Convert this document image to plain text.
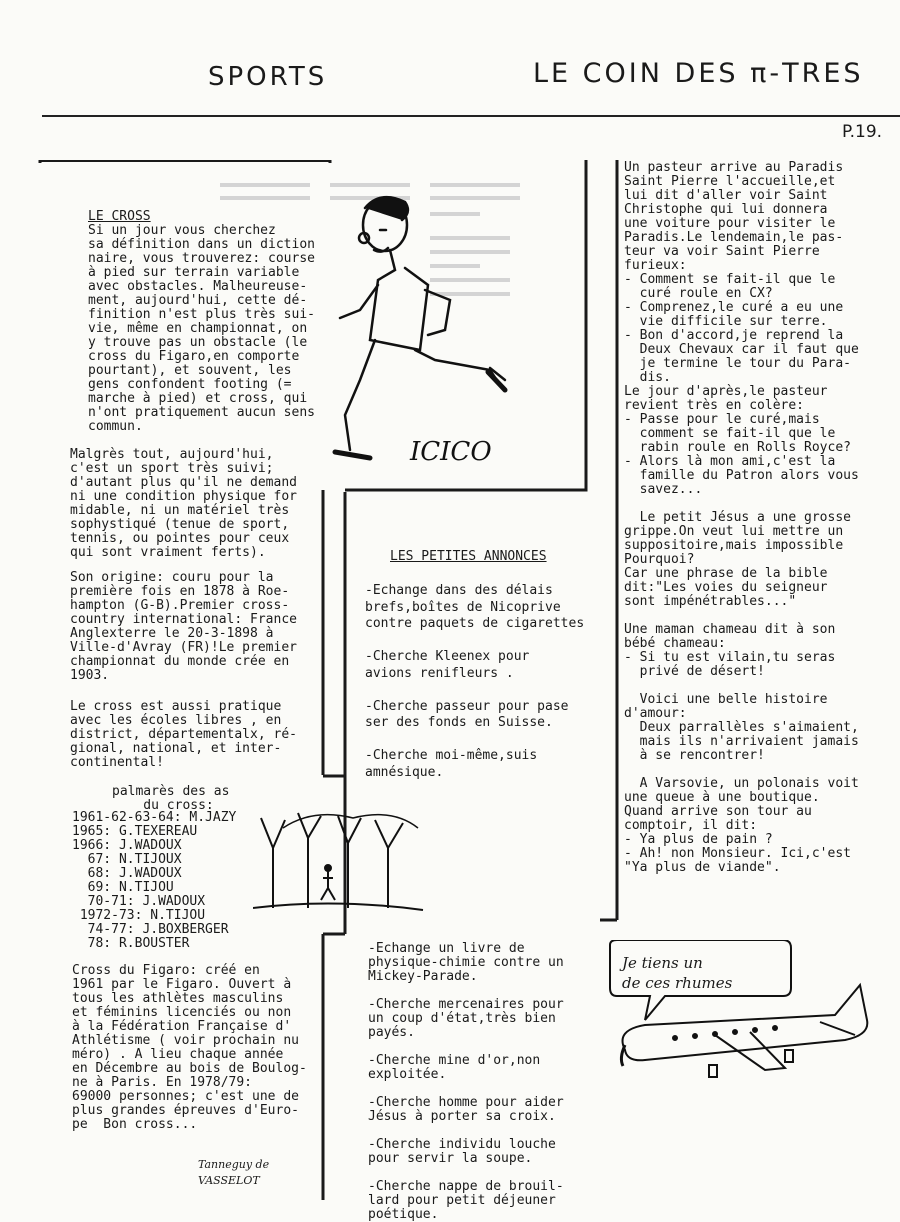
SPORTS	LE COIN DES π-TRES
P.19.
LE CROSS
Si un jour vous cherchez
sa définition dans un diction
naire, vous trouverez: course
à pied sur terrain variable
avec obstacles. Malheureuse-
ment, aujourd'hui, cette dé-
finition n'est plus très sui-
vie, même en championnat, on
y trouve pas un obstacle (le
cross du Figaro,en comporte
pourtant), et souvent, les
gens confondent footing (=
marche à pied) et cross, qui
n'ont pratiquement aucun sens
commun.
Malgrès tout, aujourd'hui,
c'est un sport très suivi;
d'autant plus qu'il ne demand
ni une condition physique for
midable, ni un matériel très
sophystiqué (tenue de sport,
tennis, ou pointes pour ceux
qui sont vraiment ferts).
Son origine: couru pour la
première fois en 1878 à Roe-
hampton (G-B).Premier cross-
country international: France
Anglexterre le 20-3-1898 à
Ville-d'Avray (FR)!Le premier
championnat du monde crée en
1903.
Le cross est aussi pratique
avec les écoles libres , en
district, départementalx, ré-
gional, national, et inter-
continental!
palmarès des as
du cross:
1961-62-63-64: M.JAZY
1965: G.TEXEREAU
1966: J.WADOUX
67: N.TIJOUX
68: J.WADOUX
69: N.TIJOU
70-71: J.WADOUX
1972-73: N.TIJOU
74-77: J.BOXBERGER
78: R.BOUSTER
Cross du Figaro: créé en
1961 par le Figaro. Ouvert à
tous les athlètes masculins
et féminins licenciés ou non
à la Fédération Française d'
Athlétisme ( voir prochain nu
méro) . A lieu chaque année
en Décembre au bois de Boulog-
ne à Paris. En 1978/79:
69000 personnes; c'est une de
plus grandes épreuves d'Euro-
pe  Bon cross...
Tanneguy de
VASSELOT
ICICO
LES PETITES ANNONCES
-Echange dans des délais
brefs,boîtes de Nicoprive
contre paquets de cigarettes

-Cherche Kleenex pour
avions renifleurs .

-Cherche passeur pour pase
ser des fonds en Suisse.

-Cherche moi-même,suis
amnésique.
-Echange un livre de
physique-chimie contre un
Mickey-Parade.

-Cherche mercenaires pour
un coup d'état,très bien
payés.

-Cherche mine d'or,non
exploitée.

-Cherche homme pour aider
Jésus à porter sa croix.

-Cherche individu louche
pour servir la soupe.

-Cherche nappe de brouil-
lard pour petit déjeuner
poétique.
Un pasteur arrive au Paradis
Saint Pierre l'accueille,et
lui dit d'aller voir Saint
Christophe qui lui donnera
une voiture pour visiter le
Paradis.Le lendemain,le pas-
teur va voir Saint Pierre
furieux:
- Comment se fait-il que le
curé roule en CX?
- Comprenez,le curé a eu une
vie difficile sur terre.
- Bon d'accord,je reprend la
Deux Chevaux car il faut que
je termine le tour du Para-
dis.
Le jour d'après,le pasteur
revient très en colère:
- Passe pour le curé,mais
comment se fait-il que le
rabin roule en Rolls Royce?
- Alors là mon ami,c'est la
famille du Patron alors vous
savez...

Le petit Jésus a une grosse
grippe.On veut lui mettre un
suppositoire,mais impossible
Pourquoi?
Car une phrase de la bible
dit:"Les voies du seigneur
sont impénétrables..."

Une maman chameau dit à son
bébé chameau:
- Si tu est vilain,tu seras
privé de désert!

Voici une belle histoire
d'amour:
Deux parrallèles s'aimaient,
mais ils n'arrivaient jamais
à se rencontrer!

A Varsovie, un polonais voit
une queue à une boutique.
Quand arrive son tour au
comptoir, il dit:
- Ya plus de pain ?
- Ah! non Monsieur. Ici,c'est
"Ya plus de viande".
Je tiens un
de ces rhumes
